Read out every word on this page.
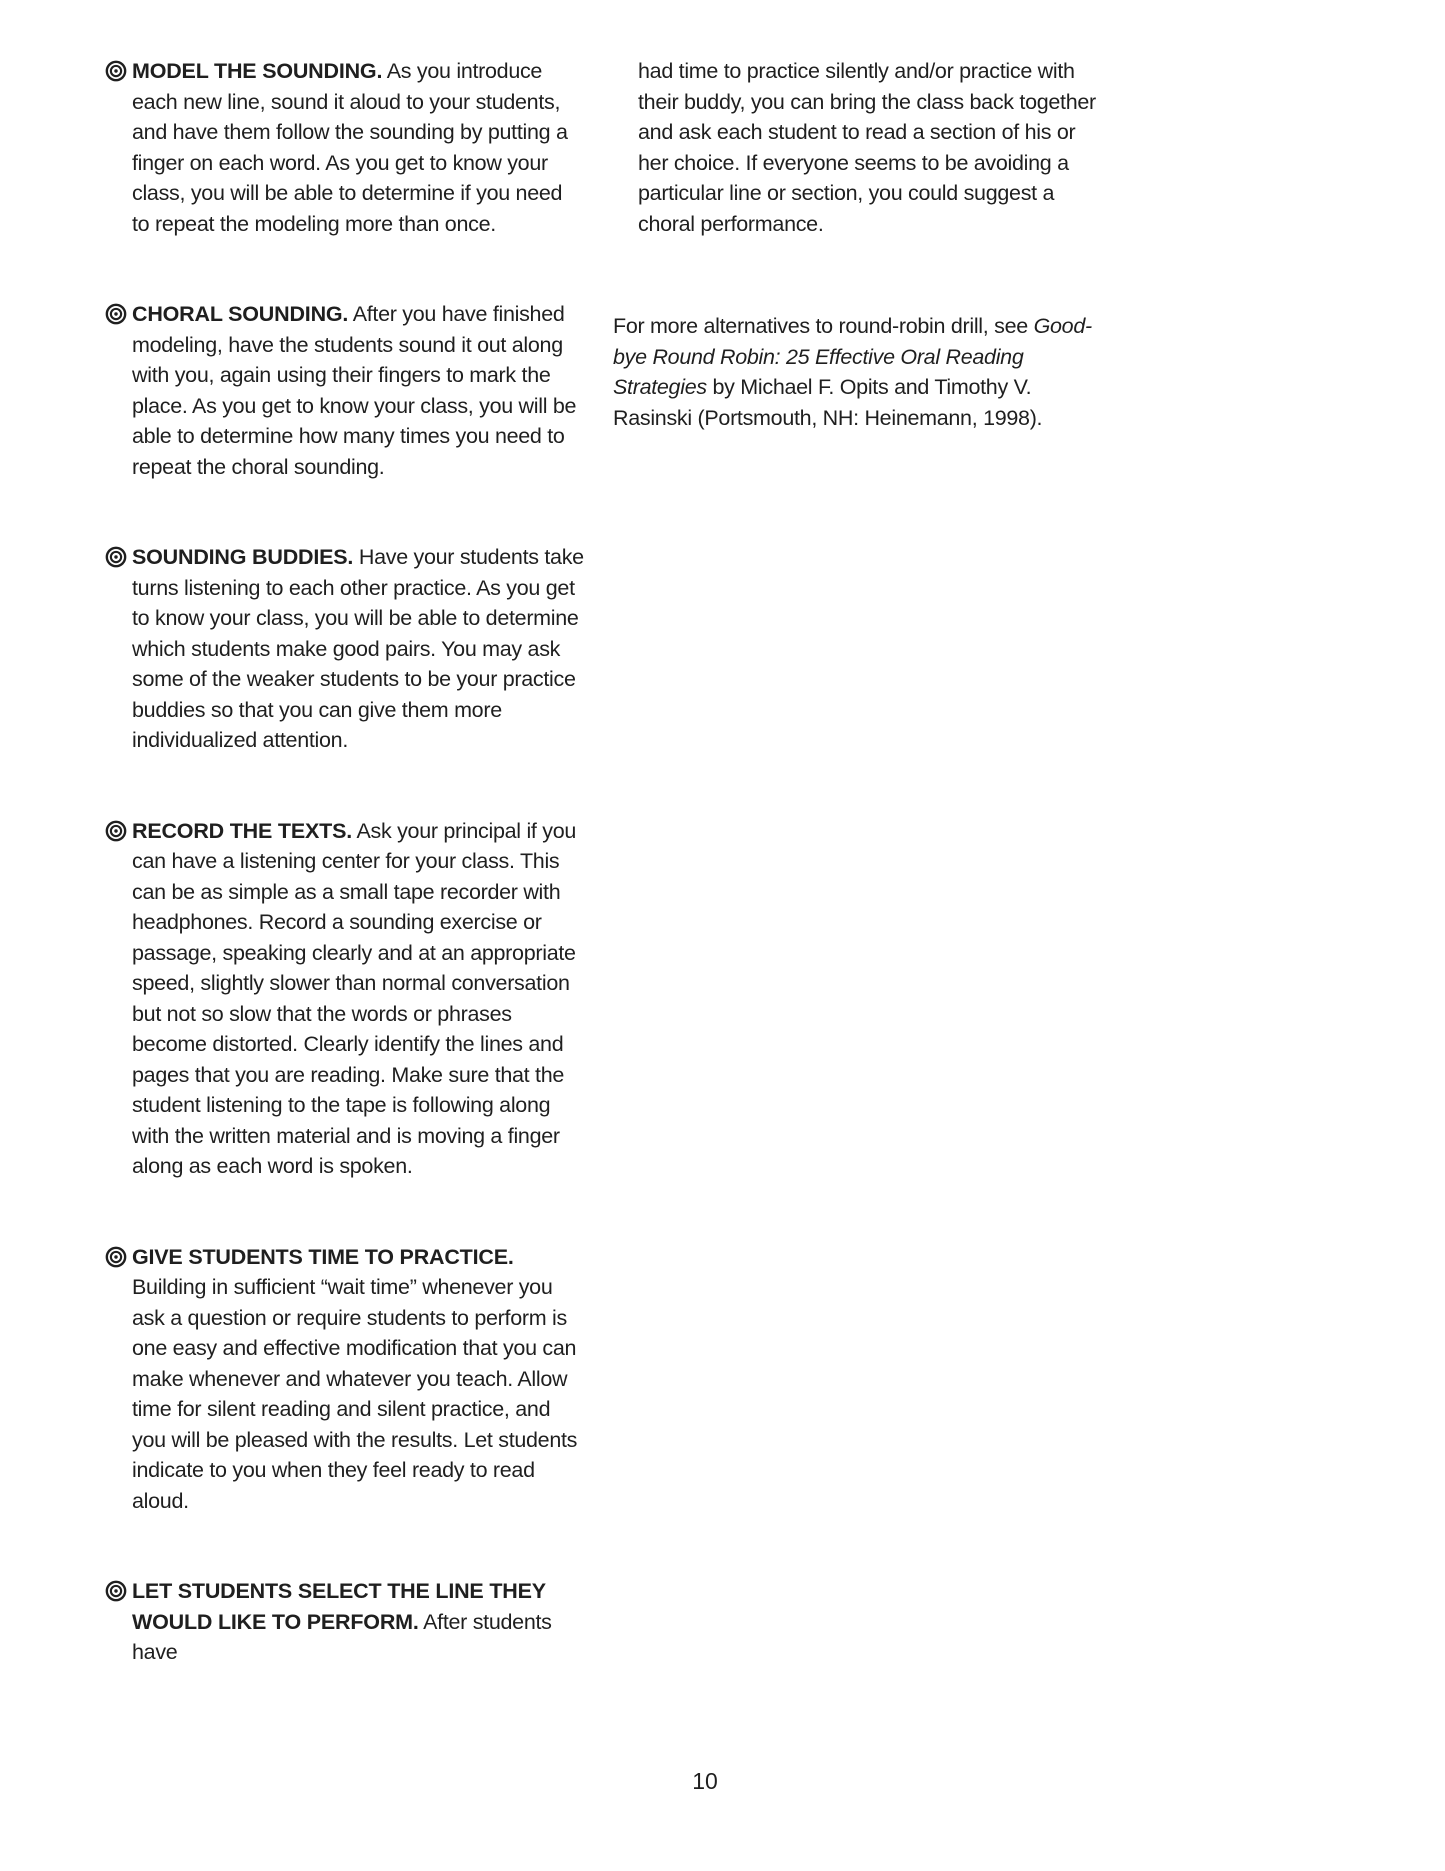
MODEL THE SOUNDING. As you introduce each new line, sound it aloud to your students, and have them follow the sounding by putting a finger on each word. As you get to know your class, you will be able to determine if you need to repeat the modeling more than once.

CHORAL SOUNDING. After you have finished modeling, have the students sound it out along with you, again using their fingers to mark the place. As you get to know your class, you will be able to determine how many times you need to repeat the choral sounding.

SOUNDING BUDDIES. Have your students take turns listening to each other practice. As you get to know your class, you will be able to determine which students make good pairs. You may ask some of the weaker students to be your practice buddies so that you can give them more individualized attention.

RECORD THE TEXTS. Ask your principal if you can have a listening center for your class. This can be as simple as a small tape recorder with headphones. Record a sounding exercise or passage, speaking clearly and at an appropriate speed, slightly slower than normal conversation but not so slow that the words or phrases become distorted. Clearly identify the lines and pages that you are reading. Make sure that the student listening to the tape is following along with the written material and is moving a finger along as each word is spoken.

GIVE STUDENTS TIME TO PRACTICE. Building in sufficient “wait time” whenever you ask a question or require students to perform is one easy and effective modification that you can make whenever and whatever you teach. Allow time for silent reading and silent practice, and you will be pleased with the results. Let students indicate to you when they feel ready to read aloud.

LET STUDENTS SELECT THE LINE THEY WOULD LIKE TO PERFORM. After students have

had time to practice silently and/or practice with their buddy, you can bring the class back together and ask each student to read a section of his or her choice. If everyone seems to be avoiding a particular line or section, you could suggest a choral performance.

For more alternatives to round-robin drill, see Good-bye Round Robin: 25 Effective Oral Reading Strategies by Michael F. Opits and Timothy V. Rasinski (Portsmouth, NH: Heinemann, 1998).

10
